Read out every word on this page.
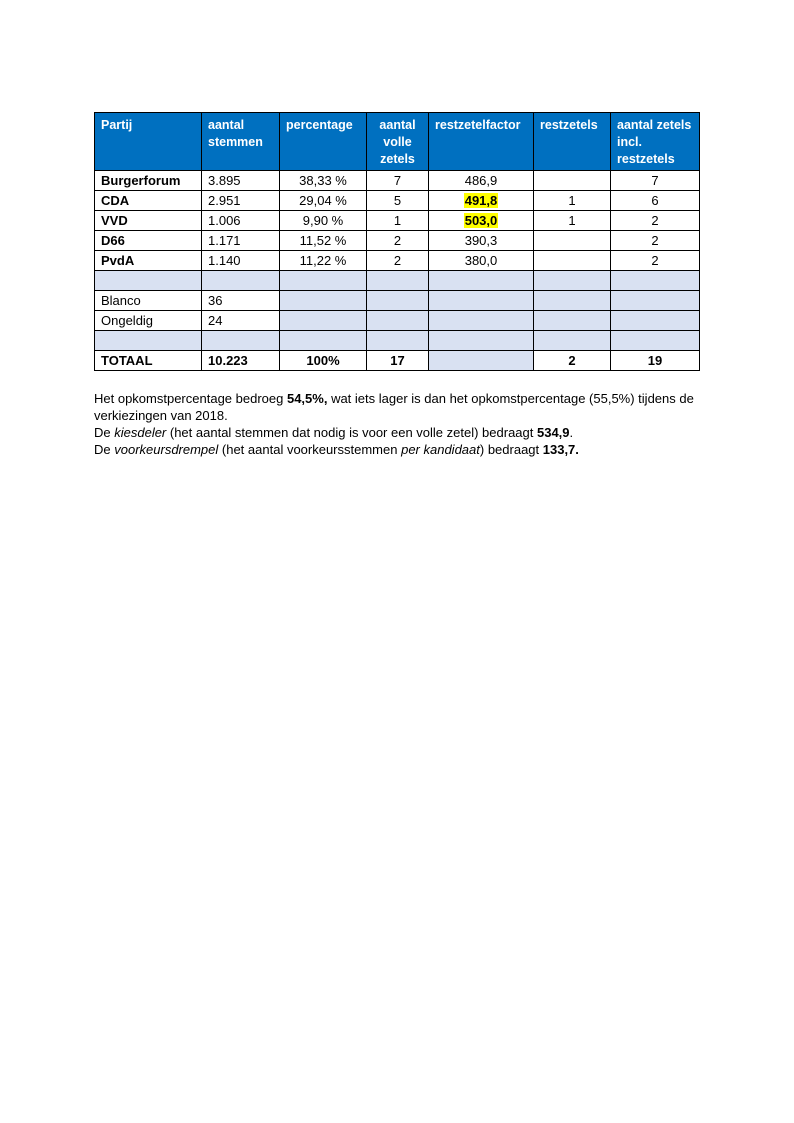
Partij	aantal stemmen	percentage	aantal volle zetels	restzetelfactor	restzetels	aantal zetels incl. restzetels
Burgerforum	3.895	38,33 %	7	486,9		7
CDA	2.951	29,04 %	5	491,8	1	6
VVD	1.006	9,90 %	1	503,0	1	2
D66	1.171	11,52 %	2	390,3		2
PvdA	1.140	11,22 %	2	380,0		2

Blanco	36					
Ongeldig	24					

TOTAAL	10.223	100%	17		2	19

Het opkomstpercentage bedroeg 54,5%, wat iets lager is dan het opkomstpercentage (55,5%) tijdens de verkiezingen van 2018.

De kiesdeler (het aantal stemmen dat nodig is voor een volle zetel) bedraagt 534,9.

De voorkeursdrempel (het aantal voorkeursstemmen per kandidaat) bedraagt 133,7.
